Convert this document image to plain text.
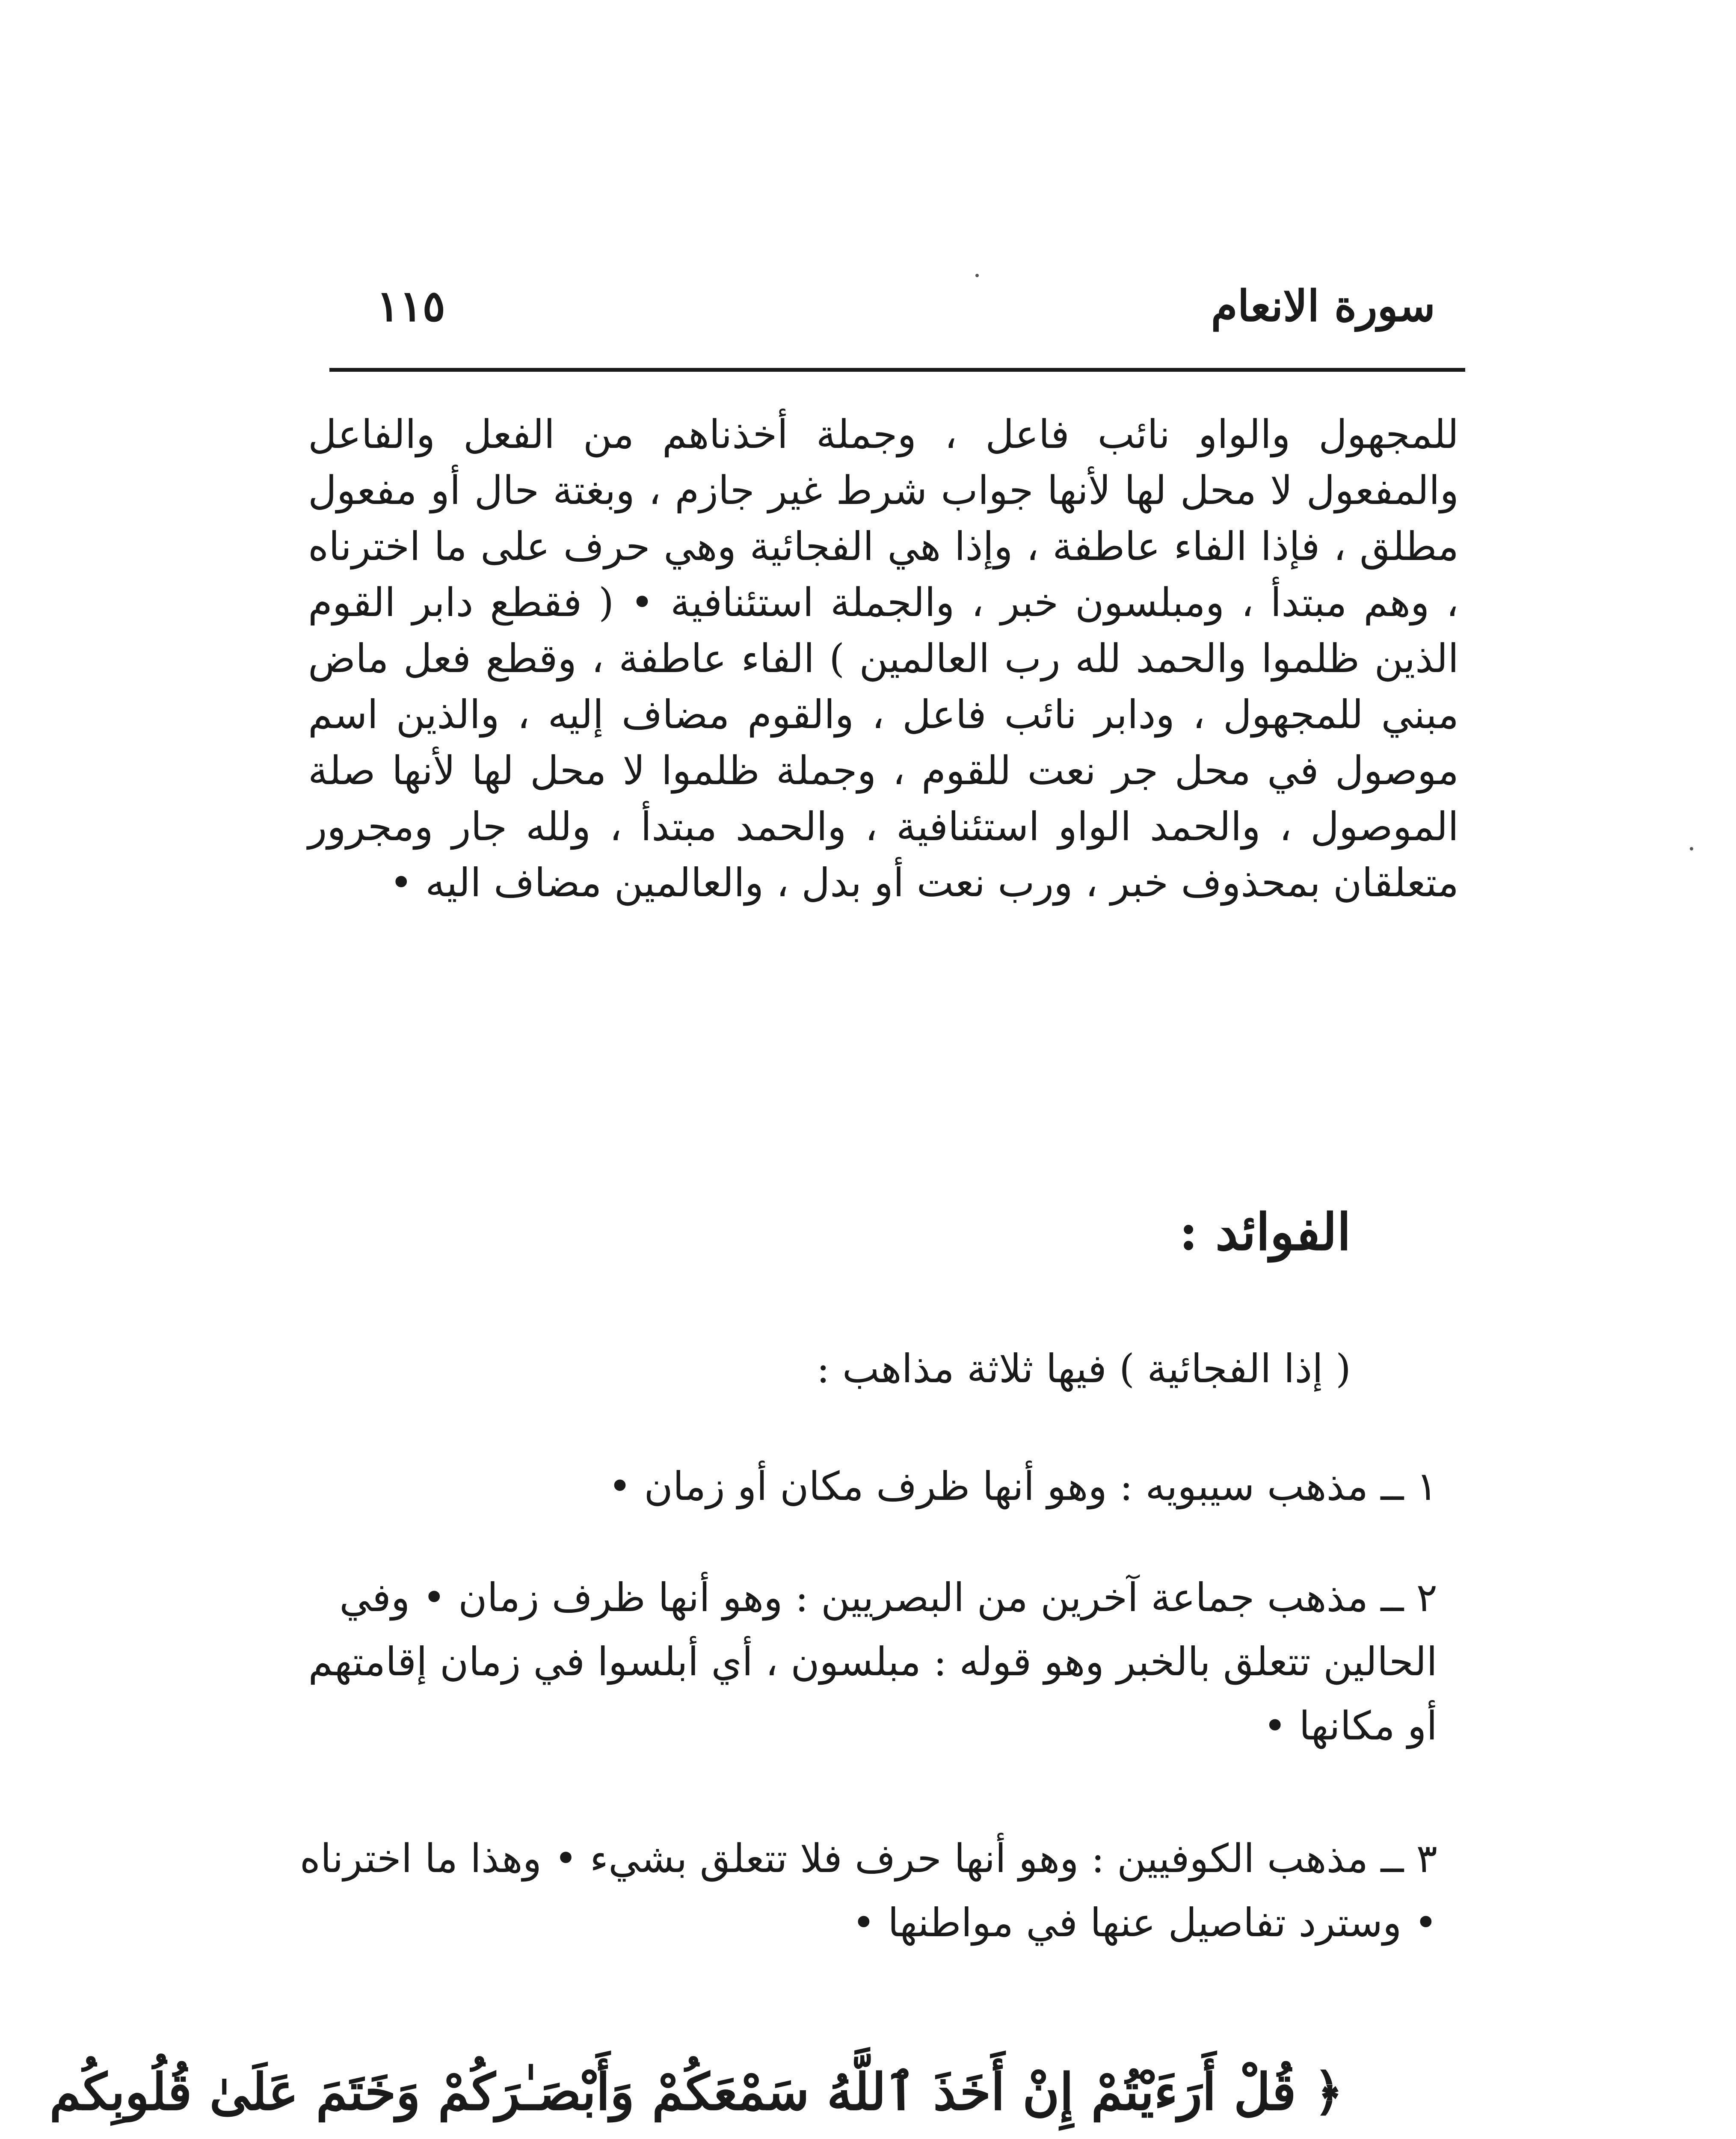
سورة الانعام
١١٥
للمجهول والواو نائب فاعل ، وجملة أخذناهم من الفعل والفاعل والمفعول لا محل لها لأنها جواب شرط غير جازم ، وبغتة حال أو مفعول مطلق ، فإذا الفاء عاطفة ، وإذا هي الفجائية وهي حرف على ما اخترناه ، وهم مبتدأ ، ومبلسون خبر ، والجملة استئنافية • ( فقطع دابر القوم الذين ظلموا والحمد لله رب العالمين ) الفاء عاطفة ، وقطع فعل ماض مبني للمجهول ، ودابر نائب فاعل ، والقوم مضاف إليه ، والذين اسم موصول في محل جر نعت للقوم ، وجملة ظلموا لا محل لها لأنها صلة الموصول ، والحمد الواو استئنافية ، والحمد مبتدأ ، ولله جار ومجرور متعلقان بمحذوف خبر ، ورب نعت أو بدل ، والعالمين مضاف اليه •
الفوائد :
( إذا الفجائية ) فيها ثلاثة مذاهب :
١ ــ مذهب سيبويه : وهو أنها ظرف مكان أو زمان •
٢ ــ مذهب جماعة آخرين من البصريين : وهو أنها ظرف زمان • وفي الحالين تتعلق بالخبر وهو قوله : مبلسون ، أي أبلسوا في زمان إقامتهم أو مكانها •
٣ ــ مذهب الكوفيين : وهو أنها حرف فلا تتعلق بشيء • وهذا ما اخترناه • وسترد تفاصيل عنها في مواطنها •
﴿ قُلْ أَرَءَيْتُمْ إِنْ أَخَذَ ٱللَّهُ سَمْعَكُمْ وَأَبْصَـٰرَكُمْ وَخَتَمَ عَلَىٰ قُلُوبِكُم
